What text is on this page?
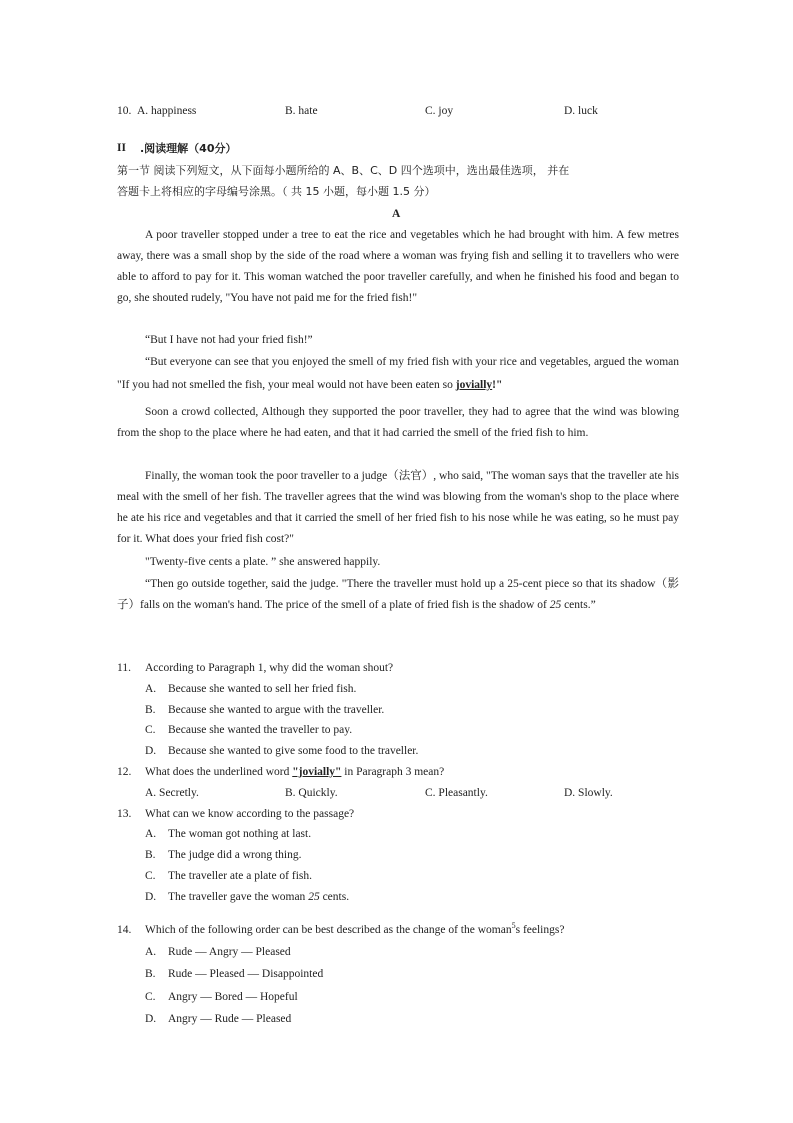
10. A. happiness	B. hate	C. joy	D. luck
II .阅读理解（40分）
第一节 阅读下列短文，从下面每小题所给的 A、B、C、D 四个选项中，选出最佳选项， 并在
答题卡上将相应的字母编号涂黑。（ 共 15 小题，每小题 1.5 分）
A
A poor traveller stopped under a tree to eat the rice and vegetables which he had brought with him. A few metres away, there was a small shop by the side of the road where a woman was frying fish and selling it to travellers who were able to afford to pay for it. This woman watched the poor traveller carefully, and when he finished his food and began to go, she shouted rudely, "You have not paid me for the fried fish!"
“But I have not had your fried fish!”
“But everyone can see that you enjoyed the smell of my fried fish with your rice and vegetables, argued the woman "If you had not smelled the fish, your meal would not have been eaten so jovially!"
Soon a crowd collected, Although they supported the poor traveller, they had to agree that the wind was blowing from the shop to the place where he had eaten, and that it had carried the smell of the fried fish to him.
Finally, the woman took the poor traveller to a judge（法官）, who said, "The woman says that the traveller ate his meal with the smell of her fish. The traveller agrees that the wind was blowing from the woman's shop to the place where he ate his rice and vegetables and that it carried the smell of her fried fish to his nose while he was eating, so he must pay for it. What does your fried fish cost?"
"Twenty-five cents a plate. ” she answered happily.
“Then go outside together, said the judge. "There the traveller must hold up a 25-cent piece so that its shadow（影子）falls on the woman's hand. The price of the smell of a plate of fried fish is the shadow of 25 cents.”
11. According to Paragraph 1, why did the woman shout?
A. Because she wanted to sell her fried fish.
B. Because she wanted to argue with the traveller.
C. Because she wanted the traveller to pay.
D. Because she wanted to give some food to the traveller.
12. What does the underlined word "jovially" in Paragraph 3 mean?
A. Secretly.	B. Quickly.	C. Pleasantly.	D. Slowly.
13. What can we know according to the passage?
A. The woman got nothing at last.
B. The judge did a wrong thing.
C. The traveller ate a plate of fish.
D. The traveller gave the woman 25 cents.
14. Which of the following order can be best described as the change of the woman$^5$s feelings?
A. Rude — Angry — Pleased
B. Rude — Pleased — Disappointed
C. Angry — Bored — Hopeful
D. Angry — Rude — Pleased
